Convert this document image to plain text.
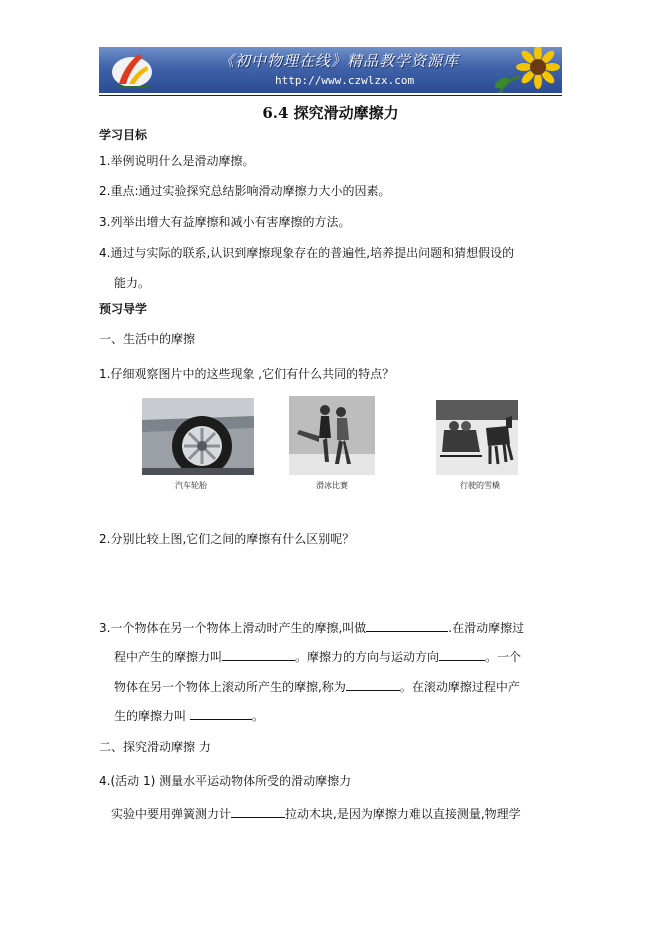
《初中物理在线》精品教学资源库
http://www.czwlzx.com
6.4 探究滑动摩擦力
学习目标
1.举例说明什么是滑动摩擦。
2.重点:通过实验探究总结影响滑动摩擦力大小的因素。
3.列举出增大有益摩擦和减小有害摩擦的方法。
4.通过与实际的联系,认识到摩擦现象存在的普遍性,培养提出问题和猜想假设的
能力。
预习导学
一、生活中的摩擦
1.仔细观察图片中的这些现象 ,它们有什么共同的特点？
汽车轮胎	滑冰比赛	行驶的雪橇
2.分别比较上图,它们之间的摩擦有什么区别呢？
3.一个物体在另一个物体上滑动时产生的摩擦,叫做	.在滑动摩擦过
程中产生的摩擦力叫	。摩擦力的方向与运动方向	。一个
物体在另一个物体上滚动所产生的摩擦,称为	。在滚动摩擦过程中产
生的摩擦力叫	。
二、探究滑动摩擦 力
4.(活动 1) 测量水平运动物体所受的滑动摩擦力
实验中要用弹簧测力计	拉动木块,是因为摩擦力难以直接测量,物理学
